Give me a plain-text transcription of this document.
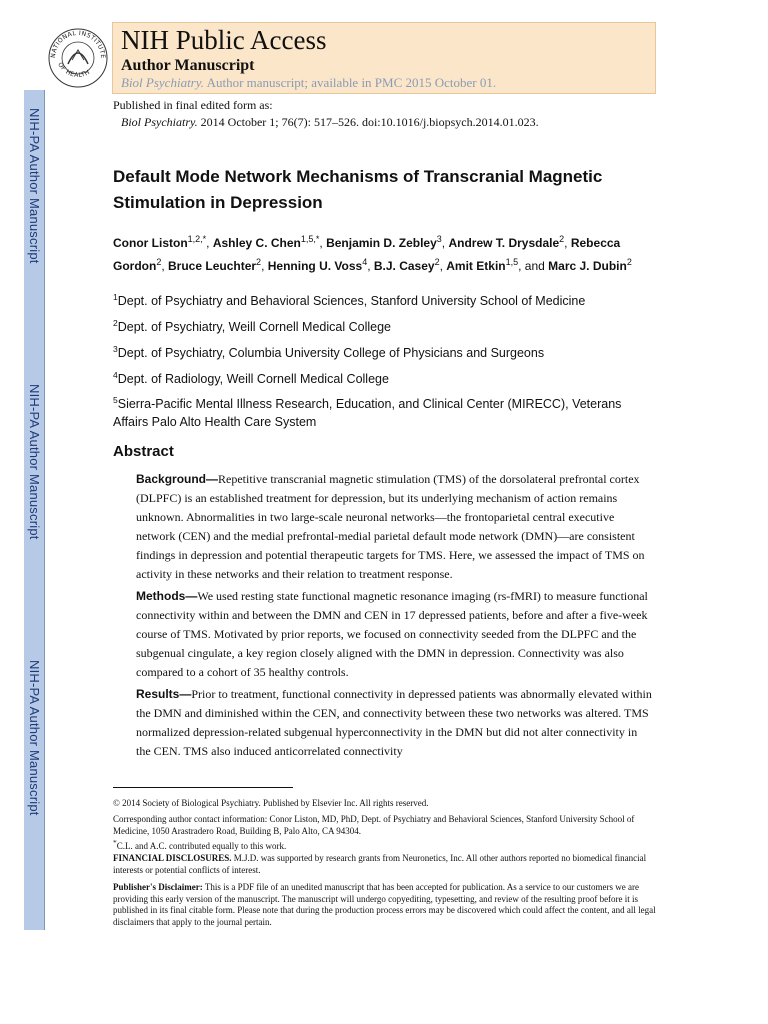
NIH-PA Author Manuscript
NIH-PA Author Manuscript
NIH-PA Author Manuscript
NATIONAL INSTITUTE
OF HEALTH
NIH Public Access
Author Manuscript
Biol Psychiatry. Author manuscript; available in PMC 2015 October 01.
Published in final edited form as:
Biol Psychiatry. 2014 October 1; 76(7): 517–526. doi:10.1016/j.biopsych.2014.01.023.
Default Mode Network Mechanisms of Transcranial Magnetic Stimulation in Depression
Conor Liston$^{1,2,*}$, Ashley C. Chen$^{1,5,*}$, Benjamin D. Zebley$^3$, Andrew T. Drysdale$^2$, Rebecca Gordon$^2$, Bruce Leuchter$^2$, Henning U. Voss$^4$, B.J. Casey$^2$, Amit Etkin$^{1,5}$, and Marc J. Dubin$^2$
$^1$Dept. of Psychiatry and Behavioral Sciences, Stanford University School of Medicine
$^2$Dept. of Psychiatry, Weill Cornell Medical College
$^3$Dept. of Psychiatry, Columbia University College of Physicians and Surgeons
$^4$Dept. of Radiology, Weill Cornell Medical College
$^5$Sierra-Pacific Mental Illness Research, Education, and Clinical Center (MIRECC), Veterans Affairs Palo Alto Health Care System
Abstract
Background—Repetitive transcranial magnetic stimulation (TMS) of the dorsolateral prefrontal cortex (DLPFC) is an established treatment for depression, but its underlying mechanism of action remains unknown. Abnormalities in two large-scale neuronal networks—the frontoparietal central executive network (CEN) and the medial prefrontal-medial parietal default mode network (DMN)—are consistent findings in depression and potential therapeutic targets for TMS. Here, we assessed the impact of TMS on activity in these networks and their relation to treatment response.
Methods—We used resting state functional magnetic resonance imaging (rs-fMRI) to measure functional connectivity within and between the DMN and CEN in 17 depressed patients, before and after a five-week course of TMS. Motivated by prior reports, we focused on connectivity seeded from the DLPFC and the subgenual cingulate, a key region closely aligned with the DMN in depression. Connectivity was also compared to a cohort of 35 healthy controls.
Results—Prior to treatment, functional connectivity in depressed patients was abnormally elevated within the DMN and diminished within the CEN, and connectivity between these two networks was altered. TMS normalized depression-related subgenual hyperconnectivity in the DMN but did not alter connectivity in the CEN. TMS also induced anticorrelated connectivity
© 2014 Society of Biological Psychiatry. Published by Elsevier Inc. All rights reserved.
Corresponding author contact information: Conor Liston, MD, PhD, Dept. of Psychiatry and Behavioral Sciences, Stanford University School of Medicine, 1050 Arastradero Road, Building B, Palo Alto, CA 94304.
*C.L. and A.C. contributed equally to this work.
FINANCIAL DISCLOSURES. M.J.D. was supported by research grants from Neuronetics, Inc. All other authors reported no biomedical financial interests or potential conflicts of interest.
Publisher's Disclaimer: This is a PDF file of an unedited manuscript that has been accepted for publication. As a service to our customers we are providing this early version of the manuscript. The manuscript will undergo copyediting, typesetting, and review of the resulting proof before it is published in its final citable form. Please note that during the production process errors may be discovered which could affect the content, and all legal disclaimers that apply to the journal pertain.
